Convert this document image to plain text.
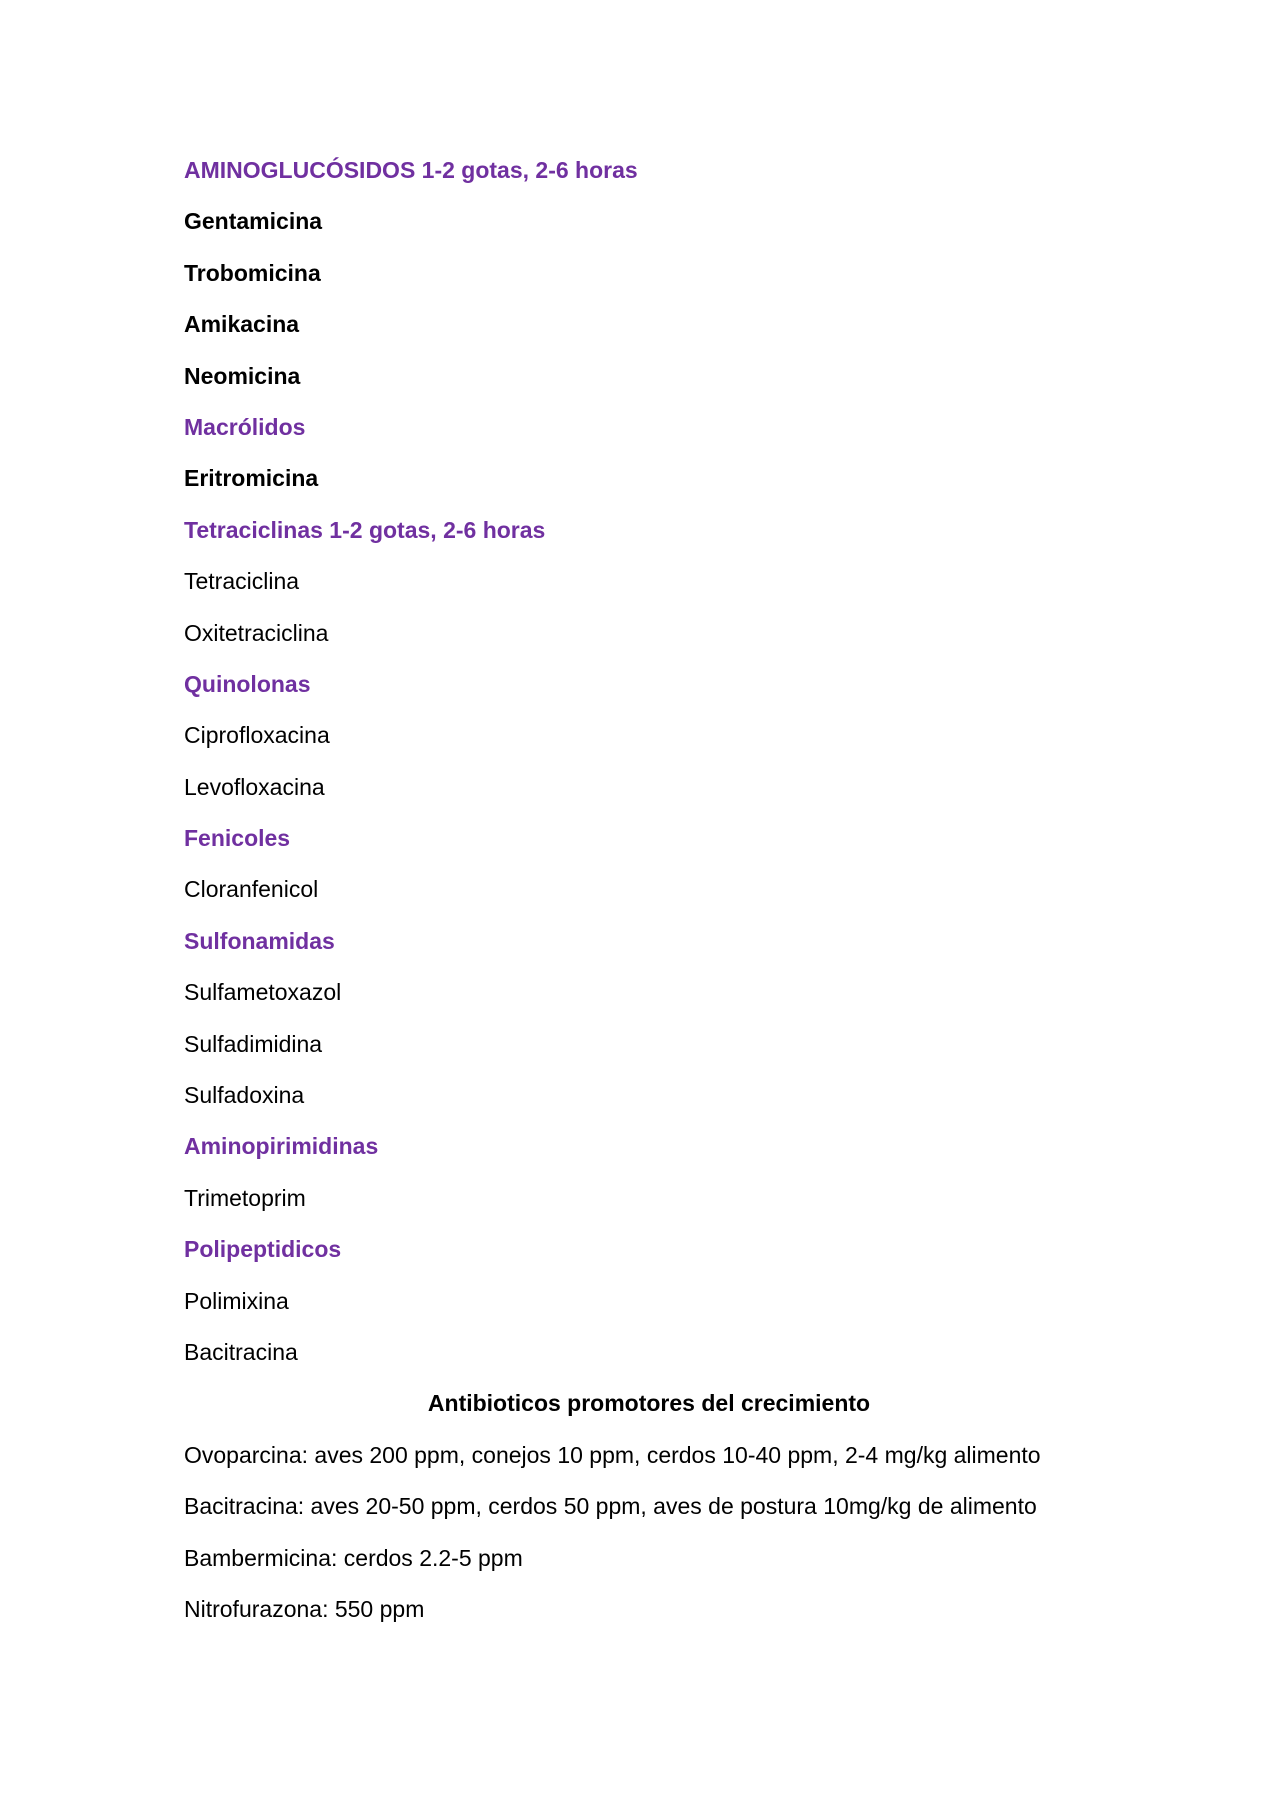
AMINOGLUCÓSIDOS 1-2 gotas, 2-6 horas

Gentamicina

Trobomicina

Amikacina

Neomicina

Macrólidos

Eritromicina

Tetraciclinas 1-2 gotas, 2-6 horas

Tetraciclina

Oxitetraciclina

Quinolonas

Ciprofloxacina

Levofloxacina

Fenicoles

Cloranfenicol

Sulfonamidas

Sulfametoxazol

Sulfadimidina

Sulfadoxina

Aminopirimidinas

Trimetoprim

Polipeptidicos

Polimixina

Bacitracina

Antibioticos promotores del crecimiento

Ovoparcina: aves 200 ppm, conejos 10 ppm, cerdos 10-40 ppm, 2-4 mg/kg alimento

Bacitracina: aves 20-50 ppm, cerdos 50 ppm, aves de postura 10mg/kg de alimento

Bambermicina: cerdos 2.2-5 ppm

Nitrofurazona: 550 ppm
